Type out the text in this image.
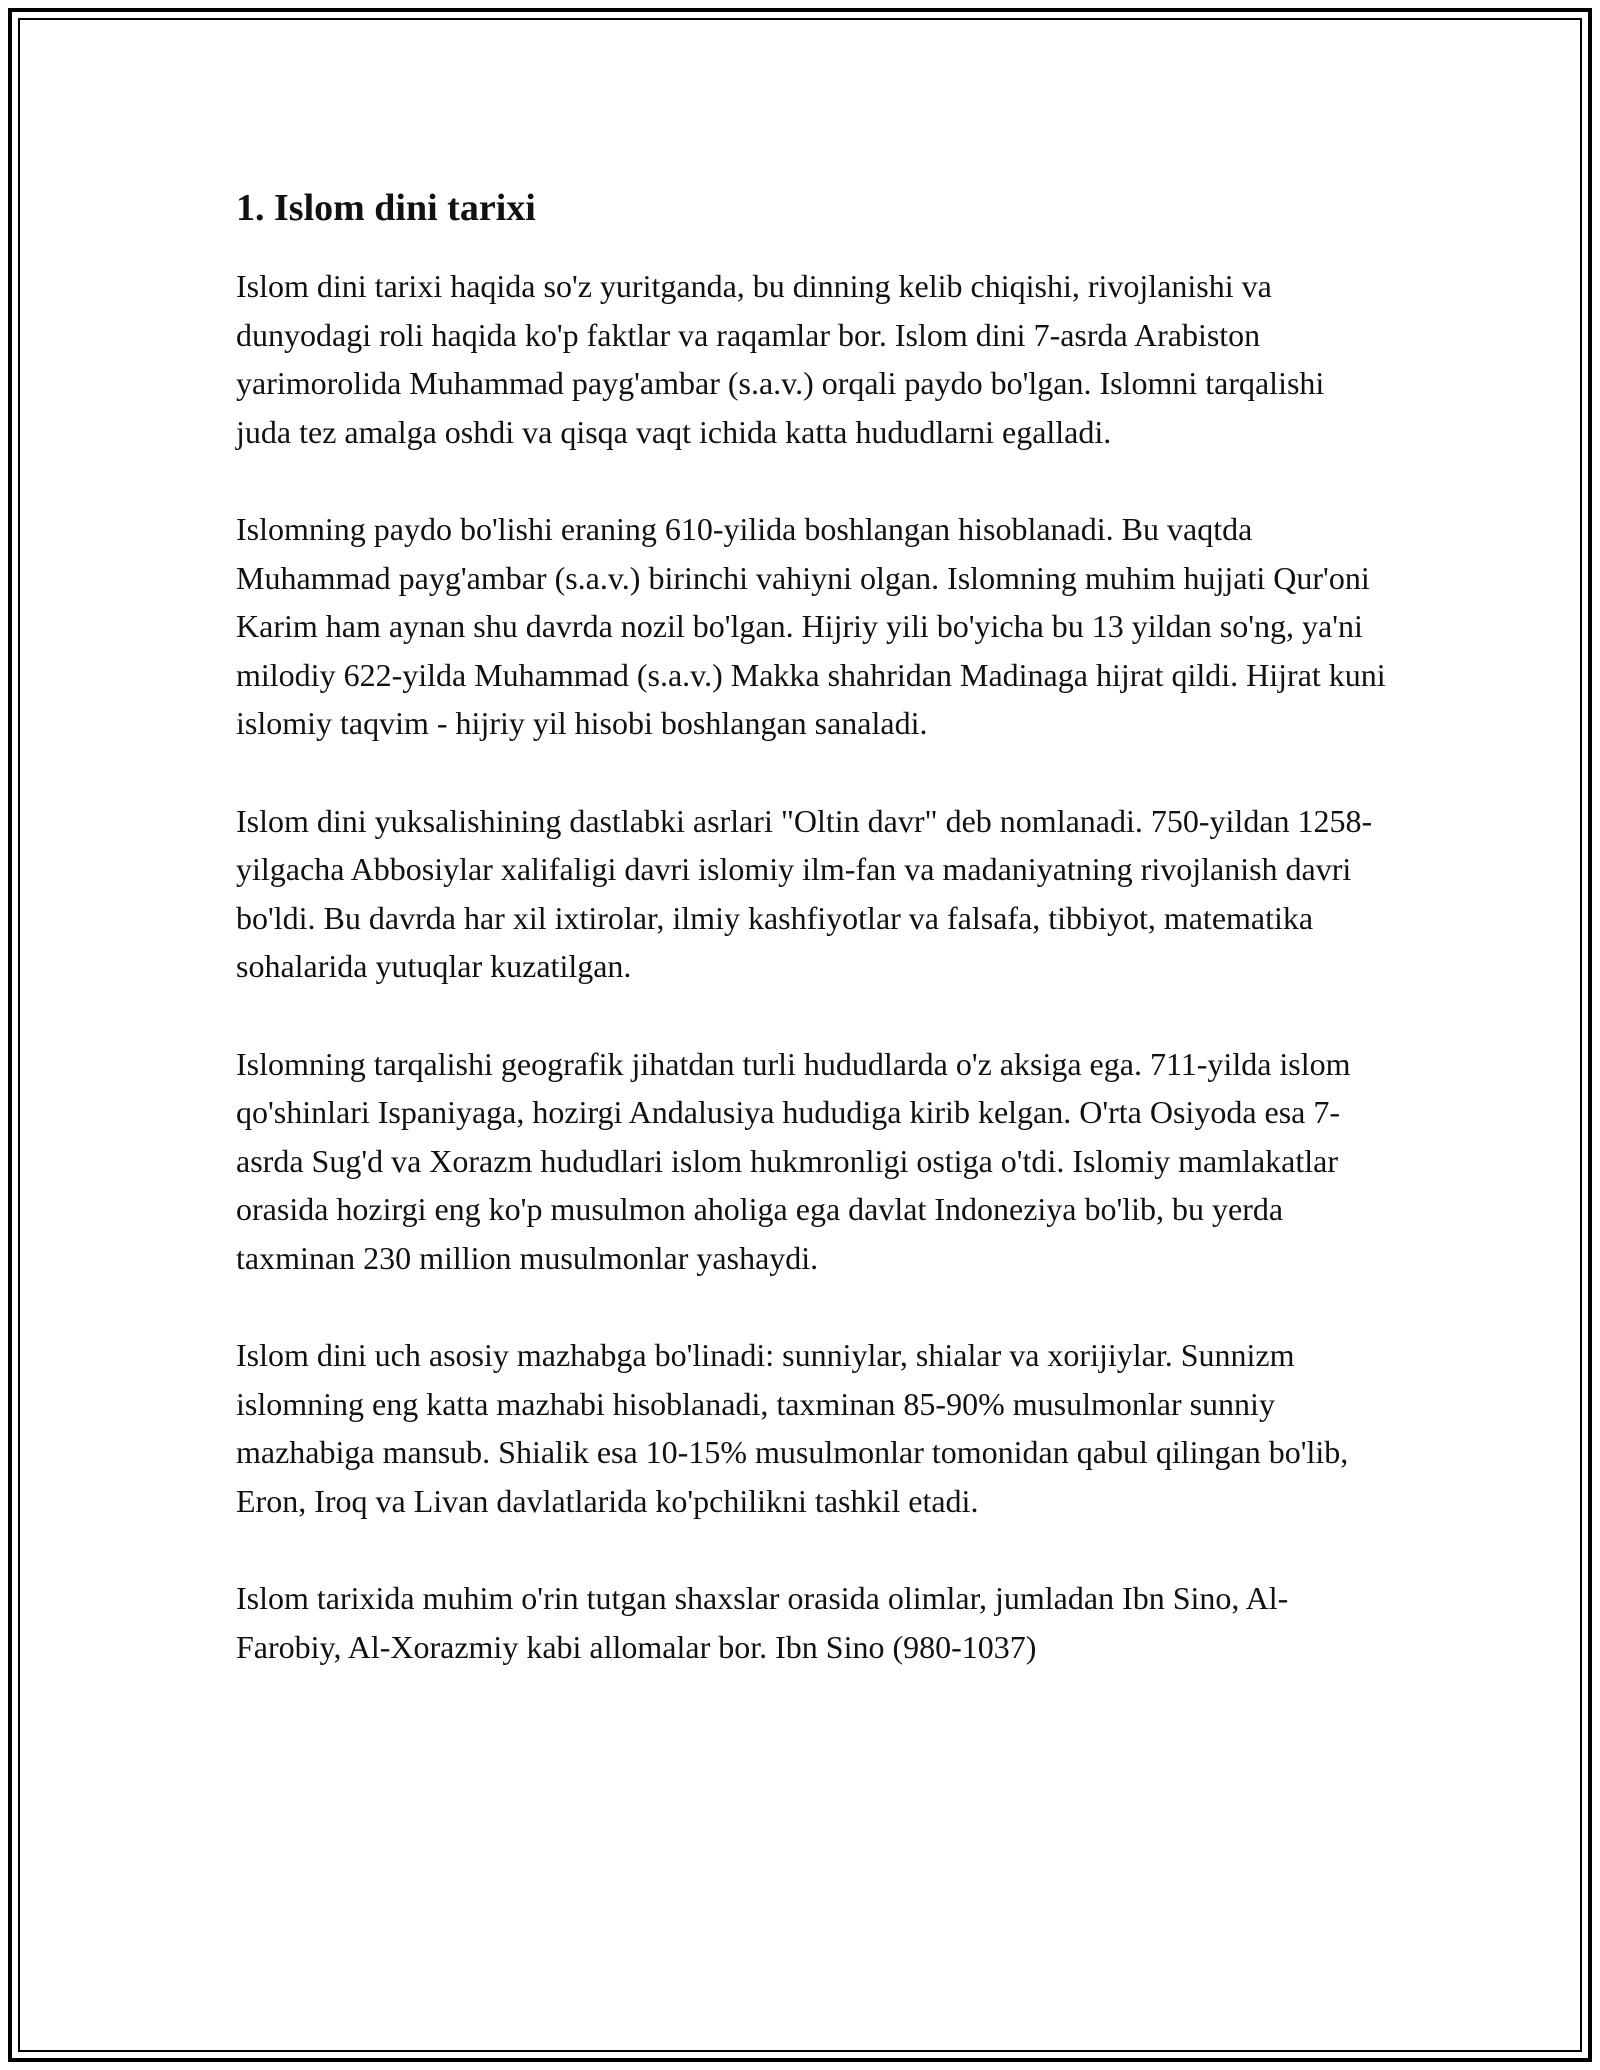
1. Islom dini tarixi

Islom dini tarixi haqida so'z yuritganda, bu dinning kelib chiqishi, rivojlanishi va dunyodagi roli haqida ko'p faktlar va raqamlar bor. Islom dini 7-asrda Arabiston yarimorolida Muhammad payg'ambar (s.a.v.) orqali paydo bo'lgan. Islomni tarqalishi juda tez amalga oshdi va qisqa vaqt ichida katta hududlarni egalladi.

Islomning paydo bo'lishi eraning 610-yilida boshlangan hisoblanadi. Bu vaqtda Muhammad payg'ambar (s.a.v.) birinchi vahiyni olgan. Islomning muhim hujjati Qur'oni Karim ham aynan shu davrda nozil bo'lgan. Hijriy yili bo'yicha bu 13 yildan so'ng, ya'ni milodiy 622-yilda Muhammad (s.a.v.) Makka shahridan Madinaga hijrat qildi. Hijrat kuni islomiy taqvim - hijriy yil hisobi boshlangan sanaladi.

Islom dini yuksalishining dastlabki asrlari "Oltin davr" deb nomlanadi. 750-yildan 1258-yilgacha Abbosiylar xalifaligi davri islomiy ilm-fan va madaniyatning rivojlanish davri bo'ldi. Bu davrda har xil ixtirolar, ilmiy kashfiyotlar va falsafa, tibbiyot, matematika sohalarida yutuqlar kuzatilgan.

Islomning tarqalishi geografik jihatdan turli hududlarda o'z aksiga ega. 711-yilda islom qo'shinlari Ispaniyaga, hozirgi Andalusiya hududiga kirib kelgan. O'rta Osiyoda esa 7-asrda Sug'd va Xorazm hududlari islom hukmronligi ostiga o'tdi. Islomiy mamlakatlar orasida hozirgi eng ko'p musulmon aholiga ega davlat Indoneziya bo'lib, bu yerda taxminan 230 million musulmonlar yashaydi.

Islom dini uch asosiy mazhabga bo'linadi: sunniylar, shialar va xorijiylar. Sunnizm islomning eng katta mazhabi hisoblanadi, taxminan 85-90% musulmonlar sunniy mazhabiga mansub. Shialik esa 10-15% musulmonlar tomonidan qabul qilingan bo'lib, Eron, Iroq va Livan davlatlarida ko'pchilikni tashkil etadi.

Islom tarixida muhim o'rin tutgan shaxslar orasida olimlar, jumladan Ibn Sino, Al-Farobiy, Al-Xorazmiy kabi allomalar bor. Ibn Sino (980-1037)
